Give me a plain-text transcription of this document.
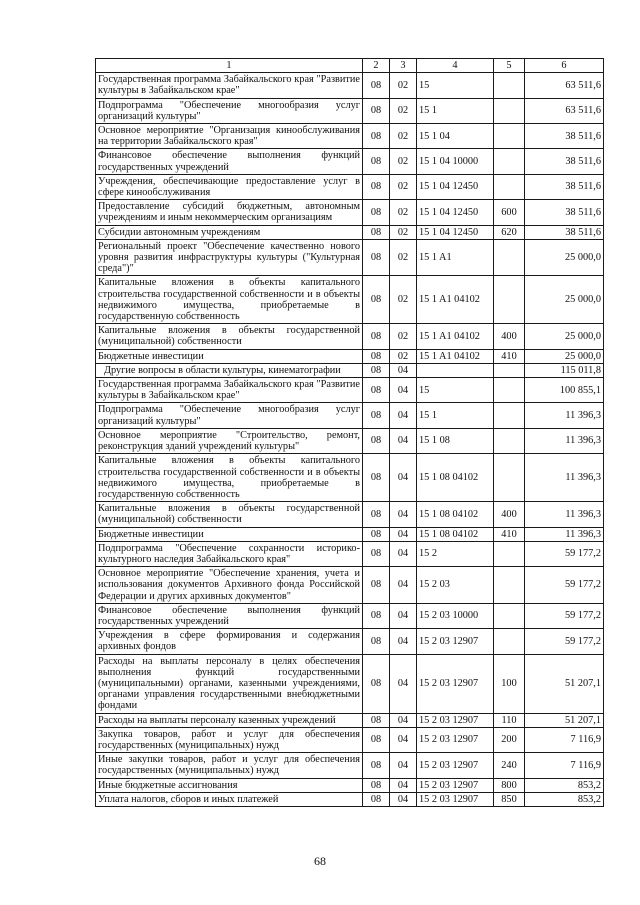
1	2	3	4	5	6
Государственная программа Забайкальского края "Развитие культуры в Забайкальском крае"	08	02	15		63 511,6
Подпрограмма "Обеспечение многообразия услуг организаций культуры"	08	02	15 1		63 511,6
Основное мероприятие "Организация кинообслуживания на территории Забайкальского края"	08	02	15 1 04		38 511,6
Финансовое обеспечение выполнения функций государственных учреждений	08	02	15 1 04 10000		38 511,6
Учреждения, обеспечивающие предоставление услуг в сфере кинообслуживания	08	02	15 1 04 12450		38 511,6
Предоставление субсидий бюджетным, автономным учреждениям и иным некоммерческим организациям	08	02	15 1 04 12450	600	38 511,6
Субсидии автономным учреждениям	08	02	15 1 04 12450	620	38 511,6
Региональный проект "Обеспечение качественно нового уровня развития инфраструктуры культуры ("Культурная среда")"	08	02	15 1 A1		25 000,0
Капитальные вложения в объекты капитального строительства государственной собственности и в объекты недвижимого имущества, приобретаемые в государственную собственность	08	02	15 1 A1 04102		25 000,0
Капитальные вложения в объекты государственной (муниципальной) собственности	08	02	15 1 A1 04102	400	25 000,0
Бюджетные инвестиции	08	02	15 1 A1 04102	410	25 000,0
Другие вопросы в области культуры, кинематографии	08	04			115 011,8
Государственная программа Забайкальского края "Развитие культуры в Забайкальском крае"	08	04	15		100 855,1
Подпрограмма "Обеспечение многообразия услуг организаций культуры"	08	04	15 1		11 396,3
Основное мероприятие "Строительство, ремонт, реконструкция зданий учреждений культуры"	08	04	15 1 08		11 396,3
Капитальные вложения в объекты капитального строительства государственной собственности и в объекты недвижимого имущества, приобретаемые в государственную собственность	08	04	15 1 08 04102		11 396,3
Капитальные вложения в объекты государственной (муниципальной) собственности	08	04	15 1 08 04102	400	11 396,3
Бюджетные инвестиции	08	04	15 1 08 04102	410	11 396,3
Подпрограмма "Обеспечение сохранности историко-культурного наследия Забайкальского края"	08	04	15 2		59 177,2
Основное мероприятие "Обеспечение хранения, учета и использования документов Архивного фонда Российской Федерации и других архивных документов"	08	04	15 2 03		59 177,2
Финансовое обеспечение выполнения функций государственных учреждений	08	04	15 2 03 10000		59 177,2
Учреждения в сфере формирования и содержания архивных фондов	08	04	15 2 03 12907		59 177,2
Расходы на выплаты персоналу в целях обеспечения выполнения функций государственными (муниципальными) органами, казенными учреждениями, органами управления государственными внебюджетными фондами	08	04	15 2 03 12907	100	51 207,1
Расходы на выплаты персоналу казенных учреждений	08	04	15 2 03 12907	110	51 207,1
Закупка товаров, работ и услуг для обеспечения государственных (муниципальных) нужд	08	04	15 2 03 12907	200	7 116,9
Иные закупки товаров, работ и услуг для обеспечения государственных (муниципальных) нужд	08	04	15 2 03 12907	240	7 116,9
Иные бюджетные ассигнования	08	04	15 2 03 12907	800	853,2
Уплата налогов, сборов и иных платежей	08	04	15 2 03 12907	850	853,2
68
